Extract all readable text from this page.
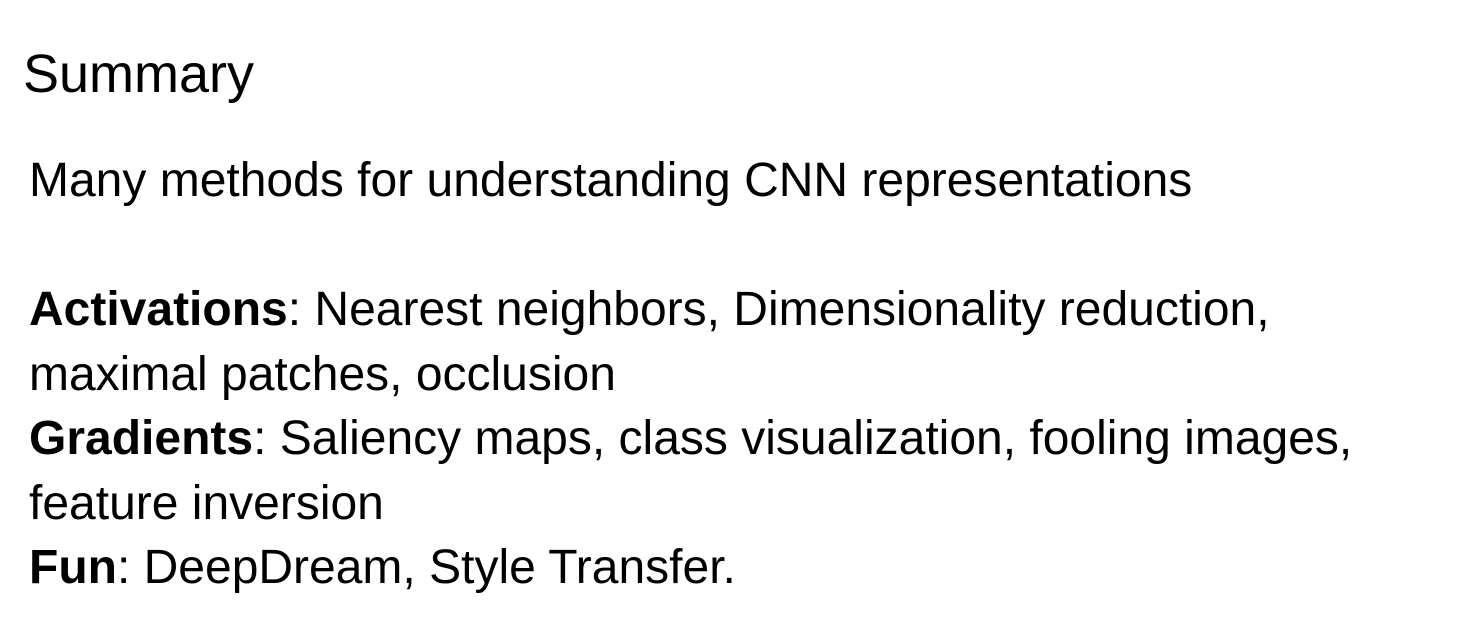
Summary
Many methods for understanding CNN representations

Activations: Nearest neighbors, Dimensionality reduction, maximal patches, occlusion

Gradients: Saliency maps, class visualization, fooling images, feature inversion

Fun: DeepDream, Style Transfer.
